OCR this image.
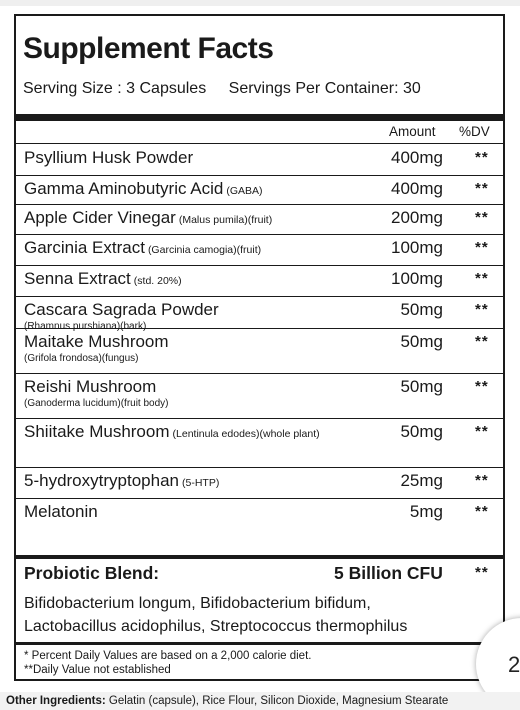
Supplement Facts
Serving Size : 3 Capsules Servings Per Container: 30
Amount %DV
Psyllium Husk Powder	400mg **
Gamma Aminobutyric Acid (GABA)	400mg **
Apple Cider Vinegar (Malus pumila)(fruit)	200mg **
Garcinia Extract (Garcinia camogia)(fruit)	100mg **
Senna Extract (std. 20%)	100mg **
Cascara Sagrada Powder
(Rhamnus purshiana)(bark)
50mg **
Maitake Mushroom
(Grifola frondosa)(fungus)
50mg **
Reishi Mushroom
(Ganoderma lucidum)(fruit body)
50mg **
Shiitake Mushroom (Lentinula edodes)(whole plant)	50mg **
5-hydroxytryptophan (5-HTP)	25mg **
Melatonin	5mg **
Probiotic Blend:	5 Billion CFU **
Bifidobacterium longum, Bifidobacterium bifidum,
Lactobacillus acidophilus, Streptococcus thermophilus
* Percent Daily Values are based on a 2,000 calorie diet.
**Daily Value not established	2
Other Ingredients: Gelatin (capsule), Rice Flour, Silicon Dioxide, Magnesium Stearate
